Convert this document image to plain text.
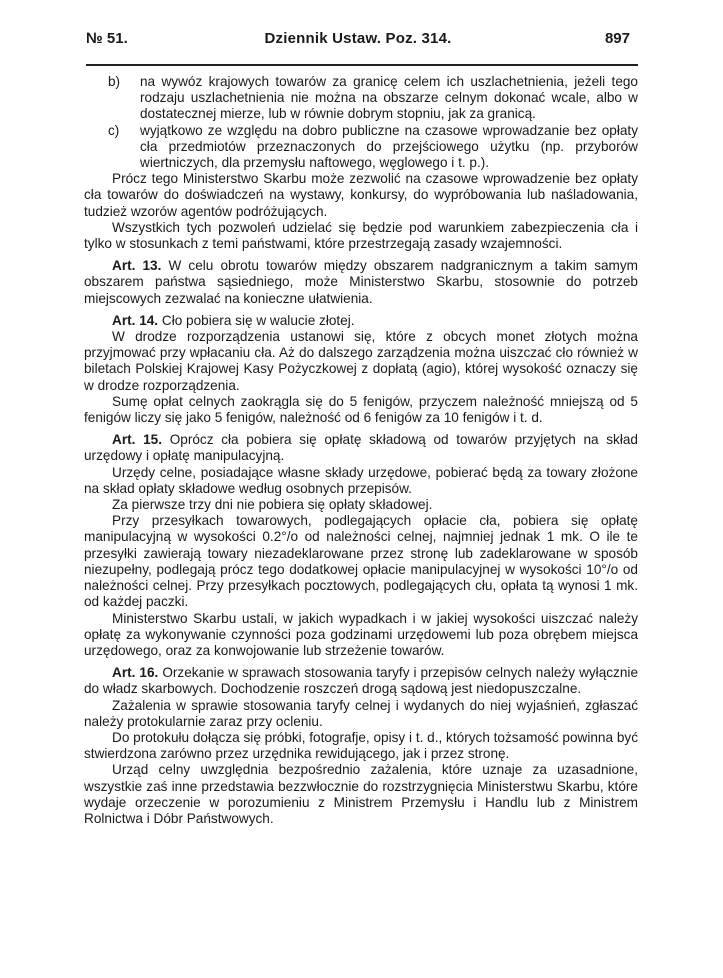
№ 51.	Dziennik Ustaw. Poz. 314.	897

b) na wywóz krajowych towarów za granicę celem ich uszlachetnienia, jeżeli tego rodzaju uszlachetnienia nie można na obszarze celnym dokonać wcale, albo w dostatecznej mierze, lub w równie dobrym stopniu, jak za granicą.

c) wyjątkowo ze względu na dobro publiczne na czasowe wprowadzanie bez opłaty cła przedmiotów przeznaczonych do przejściowego użytku (np. przyborów wiertniczych, dla przemysłu naftowego, węglowego i t. p.).

Prócz tego Ministerstwo Skarbu może zezwolić na czasowe wprowadzenie bez opłaty cła towarów do doświadczeń na wystawy, konkursy, do wypróbowania lub naśladowania, tudzież wzorów agentów podróżujących.

Wszystkich tych pozwoleń udzielać się będzie pod warunkiem zabezpieczenia cła i tylko w stosunkach z temi państwami, które przestrzegają zasady wzajemności.

Art. 13. W celu obrotu towarów między obszarem nadgranicznym a takim samym obszarem państwa sąsiedniego, może Ministerstwo Skarbu, stosownie do potrzeb miejscowych zezwalać na konieczne ułatwienia.

Art. 14. Cło pobiera się w walucie złotej.

W drodze rozporządzenia ustanowi się, które z obcych monet złotych można przyjmować przy wpłacaniu cła. Aż do dalszego zarządzenia można uiszczać cło również w biletach Polskiej Krajowej Kasy Pożyczkowej z dopłatą (agio), której wysokość oznaczy się w drodze rozporządzenia.

Sumę opłat celnych zaokrągla się do 5 fenigów, przyczem należność mniejszą od 5 fenigów liczy się jako 5 fenigów, należność od 6 fenigów za 10 fenigów i t. d.

Art. 15. Oprócz cła pobiera się opłatę składową od towarów przyjętych na skład urzędowy i opłatę manipulacyjną.

Urzędy celne, posiadające własne składy urzędowe, pobierać będą za towary złożone na skład opłaty składowe według osobnych przepisów.

Za pierwsze trzy dni nie pobiera się opłaty składowej.

Przy przesyłkach towarowych, podlegających opłacie cła, pobiera się opłatę manipulacyjną w wysokości 0.2°/o od należności celnej, najmniej jednak 1 mk. O ile te przesyłki zawierają towary niezadeklarowane przez stronę lub zadeklarowane w sposób niezupełny, podlegają prócz tego dodatkowej opłacie manipulacyjnej w wysokości 10°/o od należności celnej. Przy przesyłkach pocztowych, podlegających cłu, opłata tą wynosi 1 mk. od każdej paczki.

Ministerstwo Skarbu ustali, w jakich wypadkach i w jakiej wysokości uiszczać należy opłatę za wykonywanie czynności poza godzinami urzędowemi lub poza obrębem miejsca urzędowego, oraz za konwojowanie lub strzeżenie towarów.

Art. 16. Orzekanie w sprawach stosowania taryfy i przepisów celnych należy wyłącznie do władz skarbowych. Dochodzenie roszczeń drogą sądową jest niedopuszczalne.

Zażalenia w sprawie stosowania taryfy celnej i wydanych do niej wyjaśnień, zgłaszać należy protokularnie zaraz przy ocleniu.

Do protokułu dołącza się próbki, fotografje, opisy i t. d., których tożsamość powinna być stwierdzona zarówno przez urzędnika rewidującego, jak i przez stronę.

Urząd celny uwzględnia bezpośrednio zażalenia, które uznaje za uzasadnione, wszystkie zaś inne przedstawia bezzwłocznie do rozstrzygnięcia Ministerstwu Skarbu, które wydaje orzeczenie w porozumieniu z Ministrem Przemysłu i Handlu lub z Ministrem Rolnictwa i Dóbr Państwowych.
